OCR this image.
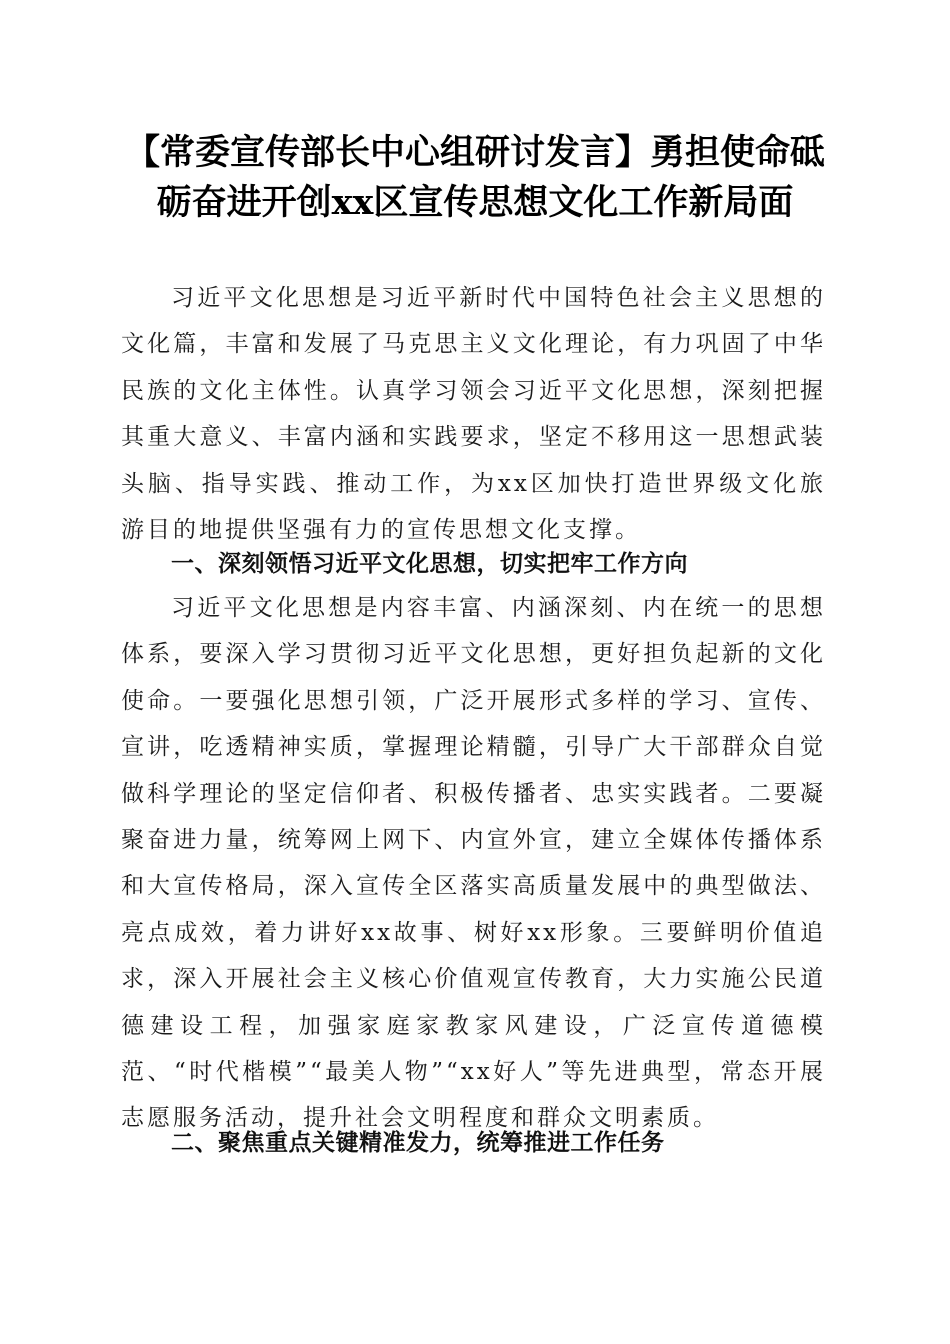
【常委宣传部长中心组研讨发言】勇担使命砥
砺奋进开创xx区宣传思想文化工作新局面

习近平文化思想是习近平新时代中国特色社会主义思想的文化篇，丰富和发展了马克思主义文化理论，有力巩固了中华民族的文化主体性。认真学习领会习近平文化思想，深刻把握其重大意义、丰富内涵和实践要求，坚定不移用这一思想武装头脑、指导实践、推动工作，为xx区加快打造世界级文化旅游目的地提供坚强有力的宣传思想文化支撑。

一、深刻领悟习近平文化思想，切实把牢工作方向

习近平文化思想是内容丰富、内涵深刻、内在统一的思想体系，要深入学习贯彻习近平文化思想，更好担负起新的文化使命。一要强化思想引领，广泛开展形式多样的学习、宣传、宣讲，吃透精神实质，掌握理论精髓，引导广大干部群众自觉做科学理论的坚定信仰者、积极传播者、忠实实践者。二要凝聚奋进力量，统筹网上网下、内宣外宣，建立全媒体传播体系和大宣传格局，深入宣传全区落实高质量发展中的典型做法、亮点成效，着力讲好xx故事、树好xx形象。三要鲜明价值追求，深入开展社会主义核心价值观宣传教育，大力实施公民道德建设工程，加强家庭家教家风建设，广泛宣传道德模范、“时代楷模”“最美人物”“xx好人”等先进典型，常态开展志愿服务活动，提升社会文明程度和群众文明素质。

二、聚焦重点关键精准发力，统筹推进工作任务
